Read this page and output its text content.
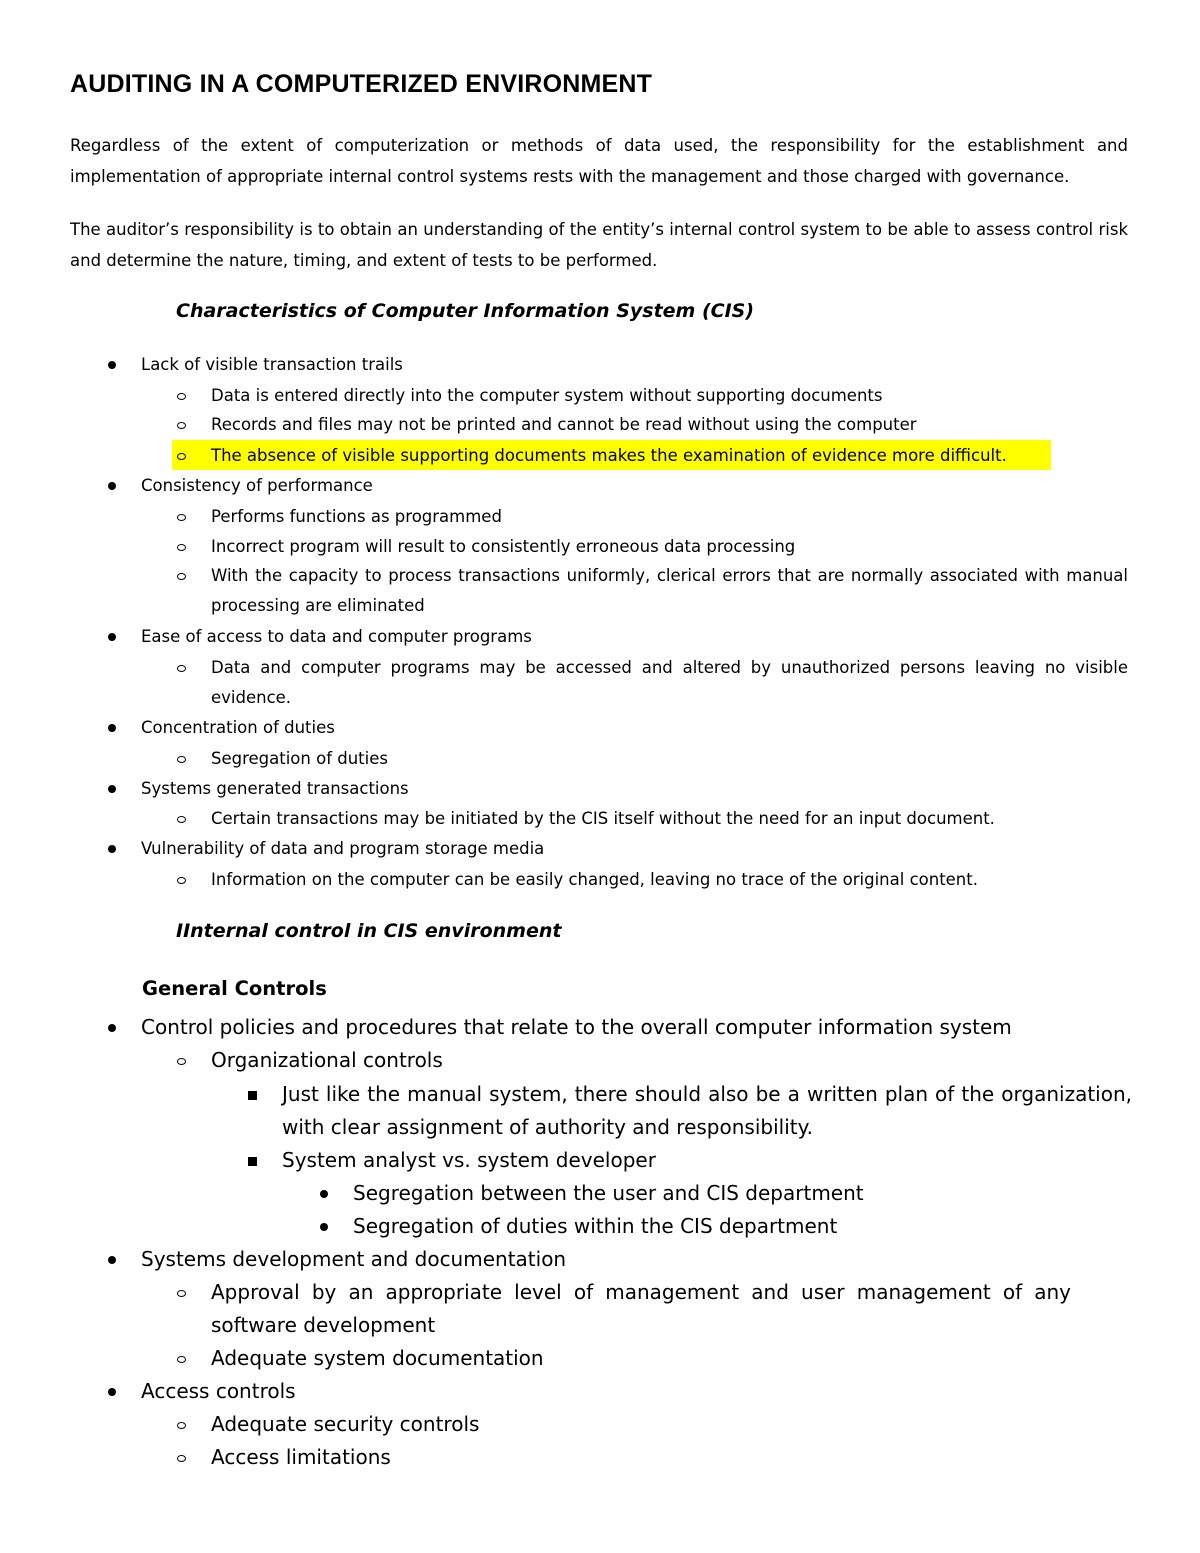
AUDITING IN A COMPUTERIZED ENVIRONMENT
Regardless of the extent of computerization or methods of data used, the responsibility for the establishment and implementation of appropriate internal control systems rests with the management and those charged with governance.
The auditor’s responsibility is to obtain an understanding of the entity’s internal control system to be able to assess control risk and determine the nature, timing, and extent of tests to be performed.
Characteristics of Computer Information System (CIS)
Lack of visible transaction trails
Data is entered directly into the computer system without supporting documents
Records and files may not be printed and cannot be read without using the computer
The absence of visible supporting documents makes the examination of evidence more difficult.
Consistency of performance
Performs functions as programmed
Incorrect program will result to consistently erroneous data processing
With the capacity to process transactions uniformly, clerical errors that are normally associated with manual processing are eliminated
Ease of access to data and computer programs
Data and computer programs may be accessed and altered by unauthorized persons leaving no visible evidence.
Concentration of duties
Segregation of duties
Systems generated transactions
Certain transactions may be initiated by the CIS itself without the need for an input document.
Vulnerability of data and program storage media
Information on the computer can be easily changed, leaving no trace of the original content.
IInternal control in CIS environment
General Controls
Control policies and procedures that relate to the overall computer information system
Organizational controls
Just like the manual system, there should also be a written plan of the organization, with clear assignment of authority and responsibility.
System analyst vs. system developer
Segregation between the user and CIS department
Segregation of duties within the CIS department
Systems development and documentation
Approval by an appropriate level of management and user management of any software development
Adequate system documentation
Access controls
Adequate security controls
Access limitations
